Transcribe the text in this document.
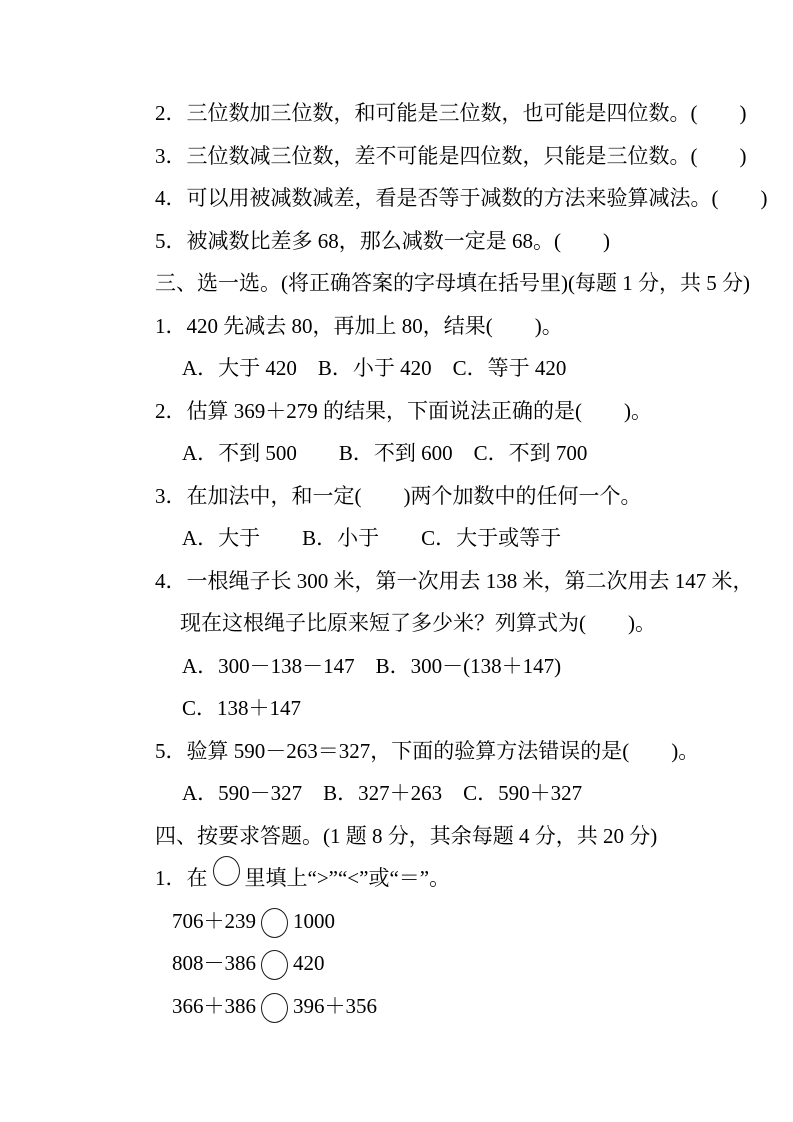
2．三位数加三位数，和可能是三位数，也可能是四位数。(　　)
3．三位数减三位数，差不可能是四位数，只能是三位数。(　　)
4．可以用被减数减差，看是否等于减数的方法来验算减法。(　　)
5．被减数比差多 68，那么减数一定是 68。(　　)
三、选一选。(将正确答案的字母填在括号里)(每题 1 分，共 5 分)
1．420 先减去 80，再加上 80，结果(　　)。
A．大于 420　B．小于 420　C．等于 420
2．估算 369＋279 的结果，下面说法正确的是(　　)。
A．不到 500　　B．不到 600　C．不到 700
3．在加法中，和一定(　　)两个加数中的任何一个。
A．大于　　B．小于　　C．大于或等于
4．一根绳子长 300 米，第一次用去 138 米，第二次用去 147 米，
现在这根绳子比原来短了多少米？列算式为(　　)。
A．300－138－147　B．300－(138＋147)
C．138＋147
5．验算 590－263＝327，下面的验算方法错误的是(　　)。
A．590－327　B．327＋263　C．590＋327
四、按要求答题。(1 题 8 分，其余每题 4 分，共 20 分)
1．在 里填上“>”“<”或“＝”。
706＋239 1000
808－386 420
366＋386 396＋356
